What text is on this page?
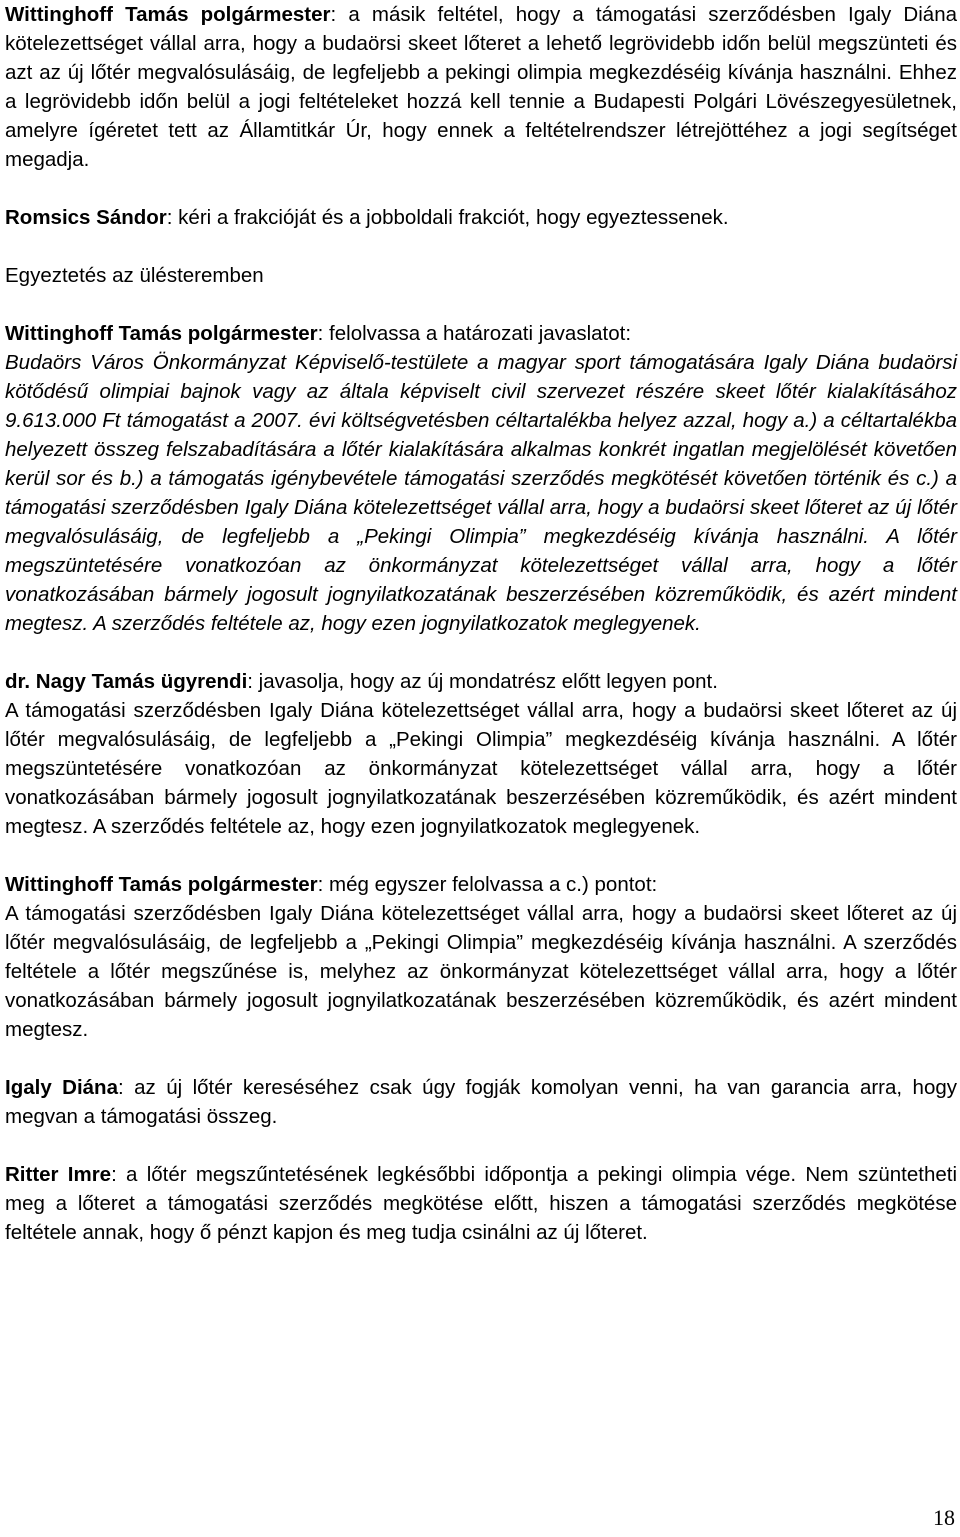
Wittinghoff Tamás polgármester: a másik feltétel, hogy a támogatási szerződésben Igaly Diána kötelezettséget vállal arra, hogy a budaörsi skeet lőteret a lehető legrövidebb időn belül megszünteti és azt az új lőtér megvalósulásáig, de legfeljebb a pekingi olimpia megkezdéséig kívánja használni. Ehhez a legrövidebb időn belül a jogi feltételeket hozzá kell tennie a Budapesti Polgári Lövészegyesületnek, amelyre ígéretet tett az Államtitkár Úr, hogy ennek a feltételrendszer létrejöttéhez a jogi segítséget megadja.

Romsics Sándor: kéri a frakcióját és a jobboldali frakciót, hogy egyeztessenek.

Egyeztetés az ülésteremben

Wittinghoff Tamás polgármester: felolvassa a határozati javaslatot:

Budaörs Város Önkormányzat Képviselő-testülete a magyar sport támogatására Igaly Diána budaörsi kötődésű olimpiai bajnok vagy az általa képviselt civil szervezet részére skeet lőtér kialakításához 9.613.000 Ft támogatást a 2007. évi költségvetésben céltartalékba helyez azzal, hogy a.) a céltartalékba helyezett összeg felszabadítására a lőtér kialakítására alkalmas konkrét ingatlan megjelölését követően kerül sor és b.) a támogatás igénybevétele támogatási szerződés megkötését követően történik és c.) a támogatási szerződésben Igaly Diána kötelezettséget vállal arra, hogy a budaörsi skeet lőteret az új lőtér megvalósulásáig, de legfeljebb a „Pekingi Olimpia” megkezdéséig kívánja használni. A lőtér megszüntetésére vonatkozóan az önkormányzat kötelezettséget vállal arra, hogy a lőtér vonatkozásában bármely jogosult jognyilatkozatának beszerzésében közreműködik, és azért mindent megtesz. A szerződés feltétele az, hogy ezen jognyilatkozatok meglegyenek.

dr. Nagy Tamás ügyrendi: javasolja, hogy az új mondatrész előtt legyen pont.

A támogatási szerződésben Igaly Diána kötelezettséget vállal arra, hogy a budaörsi skeet lőteret az új lőtér megvalósulásáig, de legfeljebb a „Pekingi Olimpia” megkezdéséig kívánja használni. A lőtér megszüntetésére vonatkozóan az önkormányzat kötelezettséget vállal arra, hogy a lőtér vonatkozásában bármely jogosult jognyilatkozatának beszerzésében közreműködik, és azért mindent megtesz. A szerződés feltétele az, hogy ezen jognyilatkozatok meglegyenek.

Wittinghoff Tamás polgármester: még egyszer felolvassa a c.) pontot:

A támogatási szerződésben Igaly Diána kötelezettséget vállal arra, hogy a budaörsi skeet lőteret az új lőtér megvalósulásáig, de legfeljebb a „Pekingi Olimpia” megkezdéséig kívánja használni. A szerződés feltétele a lőtér megszűnése is, melyhez az önkormányzat kötelezettséget vállal arra, hogy a lőtér vonatkozásában bármely jogosult jognyilatkozatának beszerzésében közreműködik, és azért mindent megtesz.

Igaly Diána: az új lőtér kereséséhez csak úgy fogják komolyan venni, ha van garancia arra, hogy megvan a támogatási összeg.

Ritter Imre: a lőtér megszűntetésének legkésőbbi időpontja a pekingi olimpia vége. Nem szüntetheti meg a lőteret a támogatási szerződés megkötése előtt, hiszen a támogatási szerződés megkötése feltétele annak, hogy ő pénzt kapjon és meg tudja csinálni az új lőteret.

18
